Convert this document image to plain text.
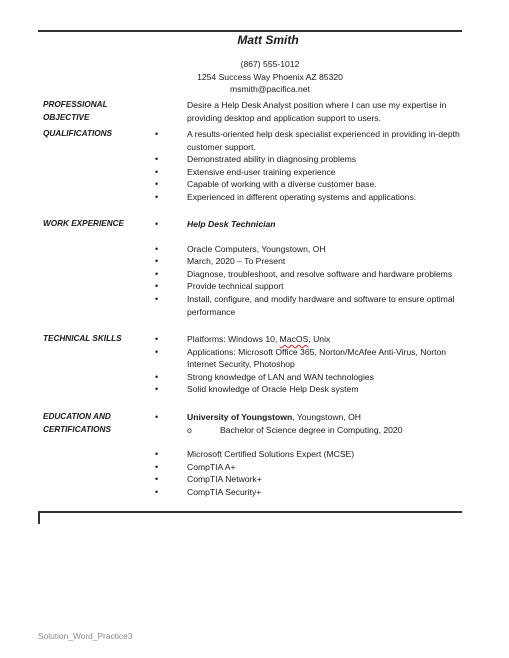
Matt Smith
(867) 555-1012
1254 Success Way Phoenix AZ 85320
msmith@pacifica.net
PROFESSIONAL
OBJECTIVE
Desire a Help Desk Analyst position where I can use my expertise in providing desktop and application support to users.
QUALIFICATIONS	•	A results-oriented help desk specialist experienced in providing in-depth customer support.
•	Demonstrated ability in diagnosing problems
•	Extensive end-user training experience
•	Capable of working with a diverse customer base.
•	Experienced in different operating systems and applications.
WORK EXPERIENCE	•	Help Desk Technician
•	Oracle Computers, Youngstown, OH
•	March, 2020 – To Present
•	Diagnose, troubleshoot, and resolve software and hardware problems
•	Provide technical support
•	Install, configure, and modify hardware and software to ensure optimal performance
TECHNICAL SKILLS	•	Platforms: Windows 10, MacOS, Unix
•	Applications: Microsoft Office 365, Norton/McAfee Anti-Virus, Norton Internet Security, Photoshop
•	Strong knowledge of LAN and WAN technologies
•	Solid knowledge of Oracle Help Desk system
EDUCATION AND
CERTIFICATIONS
•	University of Youngstown, Youngstown, OH
o	Bachelor of Science degree in Computing, 2020
•	Microsoft Certified Solutions Expert (MCSE)
•	CompTIA A+
•	CompTIA Network+
•	CompTIA Security+
Solution_Word_Practice3
